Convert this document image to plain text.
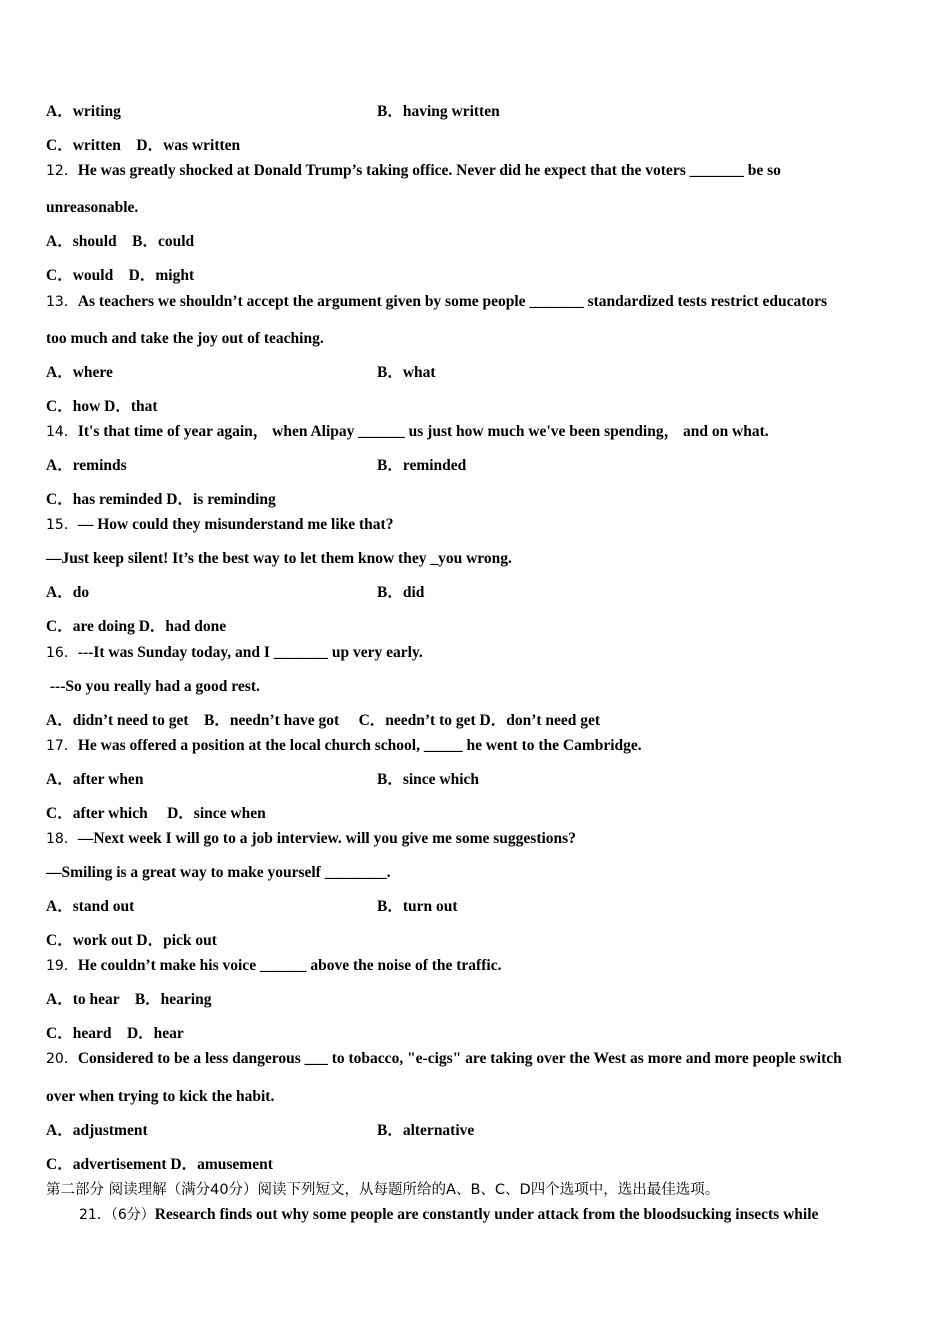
A．writing	B．having written
C．written　D．was written
12．He was greatly shocked at Donald Trump’s taking office. Never did he expect that the voters _______ be so
unreasonable.
A．should　B．could
C．would　D．might
13．As teachers we shouldn’t accept the argument given by some people _______ standardized tests restrict educators
too much and take the joy out of teaching.
A．where	B．what
C．how D．that
14．It's that time of year again， when Alipay ______ us just how much we've been spending， and on what.
A．reminds	B．reminded
C．has reminded D．is reminding
15．— How could they misunderstand me like that?
—Just keep silent! It’s the best way to let them know they _you wrong.
A．do	B．did
C．are doing D．had done
16．---It was Sunday today, and I _______ up very early.
---So you really had a good rest.
A．didn’t need to get　B．needn’t have got　 C．needn’t to get D．don’t need get
17．He was offered a position at the local church school, _____ he went to the Cambridge.
A．after when	B．since which
C．after which　 D．since when
18．—Next week I will go to a job interview. will you give me some suggestions?
—Smiling is a great way to make yourself ________.
A．stand out	B．turn out
C．work out D．pick out
19．He couldn’t make his voice ______ above the noise of the traffic.
A．to hear　B．hearing
C．heard　D．hear
20．Considered to be a less dangerous ___ to tobacco, "e-cigs" are taking over the West as more and more people switch
over when trying to kick the habit.
A．adjustment	B．alternative
C．advertisement D．amusement
第二部分 阅读理解（满分40分）阅读下列短文，从每题所给的A、B、C、D四个选项中，选出最佳选项。
21．（6分）Research finds out why some people are constantly under attack from the bloodsucking insects while
